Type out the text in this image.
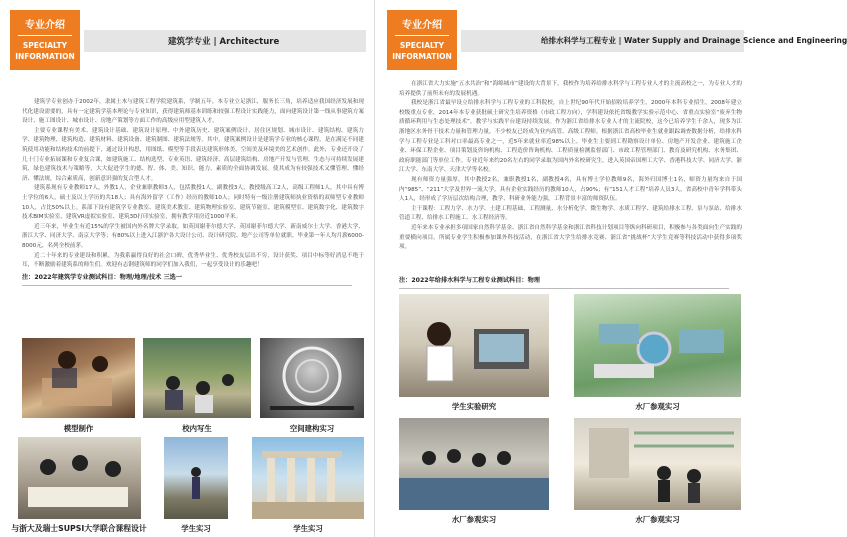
专业介绍
SPECIALTY
INFORMATION
建筑学专业 | Architecture

建筑学专业创办于2002年，隶属土木与建筑工程学院建筑系，学制五年。本专业立足浙江，服务长三角，培养适应我国经济发展和现代化建设需要的，具有一定建筑学基本理论与专业知识，获得建筑师基本训练和较强工程设计实践能力，面向建筑设计第一线从事建筑方案设计、施工图设计、城市设计、房地产策划等方面工作的高级应用型建筑人才。

主要专业课程有美术、建筑设计基础、建筑设计原理、中外建筑历史、建筑案例设计、居住区规划、城市设计、建筑结构、建筑力学、建筑物理、建筑构造、建筑材料、建筑设备、建筑制图、建筑法规等。其中，建筑案例设计是建筑学专业的核心课程，是在满足不同建筑使用功能和结构技术的前提下，通过设计构思，用图纸、模型等手段表达建筑形体美、空间美及环境美的艺术创作。此外，专业还开设了几十门专业拓展课和专业复合课，如建筑施工、结构选型、专业英语、建筑经济、高层建筑结构、房地产开发与管理、生态与可持续发展建筑、绿色建筑技术与策略等，大大促进学生的德、智、体、美、知识、能力、素质的全面协调发展，使其成为有较强技术又懂管理、懂经济、懂法规，综合素质高，创新意识强的复合型人才。

建筑系现有专业教师17人，外教1人，企业兼职教师3人，包括教授1人，副教授3人，教授级高工2人，高级工程师1人，其中具有博士学位的6人，硕士及以上学历的共18人；具有海外留学（工作）经历的教师10人；同时特有一级注册建筑师执业资格的双师型专业教师10人，占比50%以上。系部下设有建筑学专业教室、建筑美术教室、建筑物理实验室、建筑节能室、建筑模型室、建筑数字化、建筑数字技术BIM实验室、建筑VR虚拟实验室、建筑3D打印实验室，拥有教学用房近1000平米。

近三年来，毕业生有近15%的学生被国内外名牌大学录取，如英国谢菲尔德大学、英国谢菲尔德大学、新南威尔士大学、香港大学、浙江大学、同济大学、南京大学等；有80%以上进入江浙沪各大设计公司、设计研究院、地产公司等单位就职。毕业第一年人均月薪6000-8000元，名列全校前茅。

近二十年来的专业建设和积累，为我系赢得良好的社会口碑，优秀毕业生、优秀校友层出不穷，设计获奖、项目中标等好消息不绝于耳，不断激励着建筑系的师生们。欢迎有志钢建筑师的同学们加入我们，一起享受设计的乐趣吧！

注：2022年建筑学专业测试科目：物理/地理/技术 三选一
模型制作	校内写生	空间建构实习
与浙大及瑞士SUPSI大学联合课程设计	学生实习	学生实习
专业介绍
SPECIALTY
INFORMATION
给排水科学与工程专业 | Water Supply and Drainage Science and Engineering

在浙江省大力实施“五水共治”和“海绵城市”建设的大背景下，我校作为培养给排水科学与工程专业人才的主流高校之一，为专业人才的培养提供了前所未有的发展机遇。

我校是浙江省最早设立给排水科学与工程专业的工科院校，自上世纪90年代开始招收培养学生，2000年本科专业招生，2008年建立校级重点专业，2014年本专业获批硕士研究生培养资格（市政工程方向），学科建设依托省级教学实验示范中心、省重点实验室“废弃生物质循环利用与生态处理技术”，教学与实践平台建设持续发展。作为浙江省给排水专业人才的主流院校，这今已培养学生千余人，现多为江浙地区水务骨干技术力量和管理力量，不少校友已经成为业内高管、高级工程师。根据浙江省高校毕业生就业跟踪调查数据分析，给排水科学与工程专业是工科对口率最高专业之一，近5年来就业率近98%以上。毕业生主要到工程勘察设计单位、房地产开发企业、建筑施工企业、环保工程企业、项目策划及咨询机构、工程造价咨询机构、工程质量检测监督部门、市政工程管理部门、教育及研究机构、水务集团、政府职能部门等单位工作。专业近年来约20名左右的同学录取为国内外名校研究生，进入英国帝国理工大学、香港科技大学、同济大学、浙江大学、东南大学、天津大学等名校。

现有师资力量强厚，其中教授2名，兼职教授1名，副教授4名，具有博士学位教师9名，海外归国博士1名，师资力量均来自于国内“985”、“211”大学及世界一流大学。具有企业实践经历的教师10人，占90%；有“151人才工程”培养人员3人，省高校中青年学科带头人1人，经形成了学历层次结构合理，教学、科研业务能力强，工程背景丰富的师资队伍。

主干课程：工程力学、水力学、土建工程基础、工程测量、水分析化学、微生物学、水质工程学、建筑给排水工程、泵与泵站、给排水管道工程、给排水工程施工、水工程经济等。

近年来本专业承担多项国家自然科学基金、浙江省自然科学基金和浙江省科技计划项目等纵向科研项目，积极参与各类面向生产实践的重要横向项目。所属专业学生积极参加课外科技活动，在浙江省大学生给排水竞赛、浙江省“挑战杯”大学生竞赛等科技活动中获得多项奖项。

注：2022年给排水科学与工程专业测试科目：物理
学生实验研究	水厂参观实习
水厂参观实习	水厂参观实习
